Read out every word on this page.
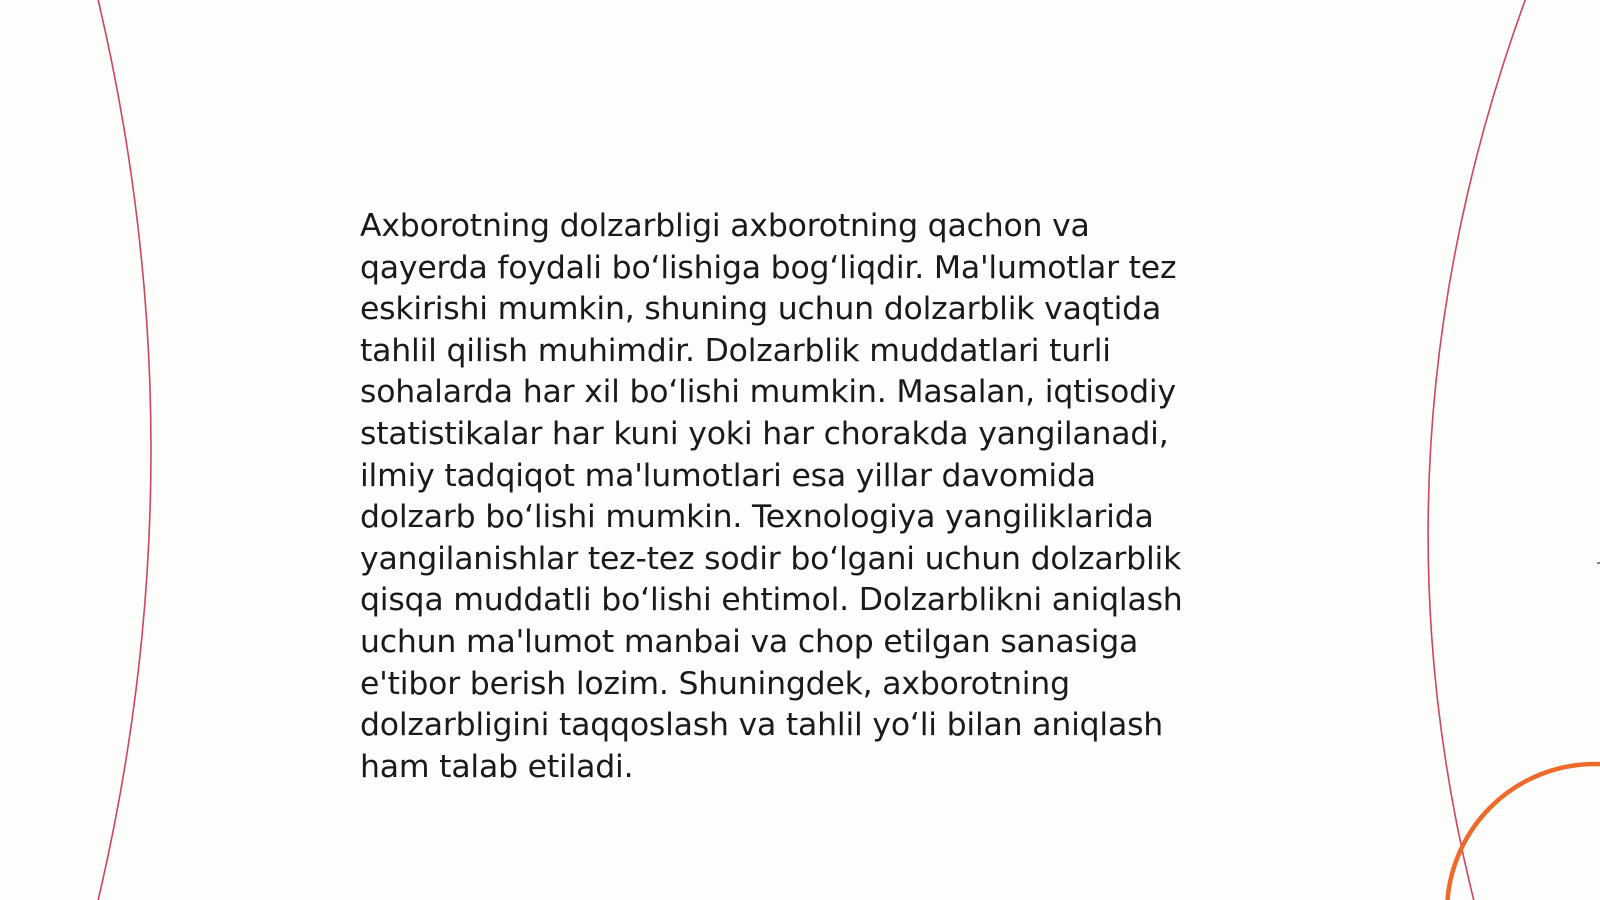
Axborotning dolzarbligi axborotning qachon va
qayerda foydali boʻlishiga bogʻliqdir. Ma'lumotlar tez
eskirishi mumkin, shuning uchun dolzarblik vaqtida
tahlil qilish muhimdir. Dolzarblik muddatlari turli
sohalarda har xil boʻlishi mumkin. Masalan, iqtisodiy
statistikalar har kuni yoki har chorakda yangilanadi,
ilmiy tadqiqot ma'lumotlari esa yillar davomida
dolzarb boʻlishi mumkin. Texnologiya yangiliklarida
yangilanishlar tez-tez sodir boʻlgani uchun dolzarblik
qisqa muddatli boʻlishi ehtimol. Dolzarblikni aniqlash
uchun ma'lumot manbai va chop etilgan sanasiga
e'tibor berish lozim. Shuningdek, axborotning
dolzarbligini taqqoslash va tahlil yoʻli bilan aniqlash
ham talab etiladi.
